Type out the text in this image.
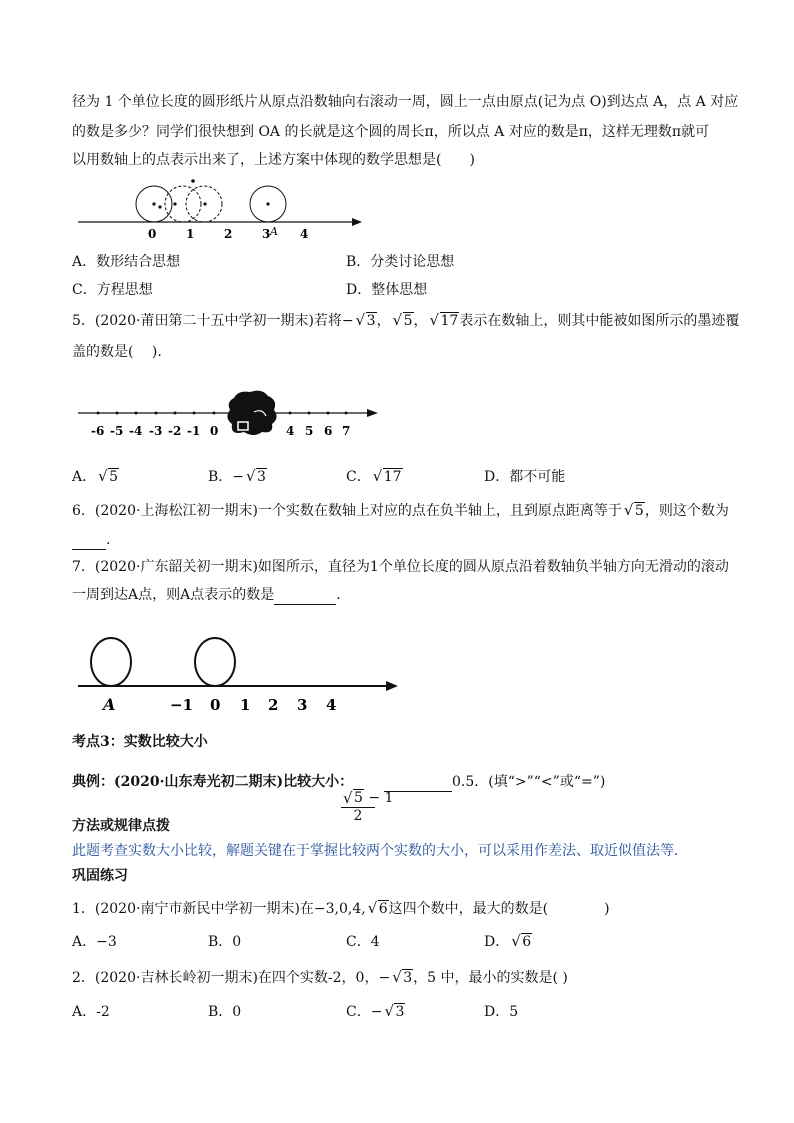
径为 1 个单位长度的圆形纸片从原点沿数轴向右滚动一周，圆上一点由原点(记为点 O)到达点 A，点 A 对应
的数是多少？同学们很快想到 OA 的长就是这个圆的周长π，所以点 A 对应的数是π，这样无理数π就可
以用数轴上的点表示出来了，上述方案中体现的数学思想是(　　)
0 1 2 3 A 4
A．数形结合思想	B．分类讨论思想
C．方程思想	D．整体思想
5．(2020·莆田第二十五中学初一期末)若将− √ 3， √ 5， √ 17表示在数轴上，则其中能被如图所示的墨迹覆
盖的数是(　 )．
-6 -5 -4 -3 -2 -1 0	4 5 6 7
A． √ 5	B．− √ 3	C． √ 17	D．都不可能
6．(2020·上海松江初一期末)一个实数在数轴上对应的点在负半轴上，且到原点距离等于 √ 5，则这个数为
.
7．(2020·广东韶关初一期末)如图所示，直径为1个单位长度的圆从原点沿着数轴负半轴方向无滑动的滚动
一周到达A点，则A点表示的数是	．
A	−1 0 1 2 3 4
考点3：实数比较大小
典例：(2020·山东寿光初二期末)比较大小：
√ $\frac{5 - 1}{2}$
0.5．(填“>”“<”或“=”)
方法或规律点拨
此题考查实数大小比较，解题关键在于掌握比较两个实数的大小，可以采用作差法、取近似值法等．
巩固练习
1．(2020·南宁市新民中学初一期末)在−3,0,4, √ 6这四个数中，最大的数是(　　　　)
A．−3	B．0	C．4	D． √ 6
2．(2020·吉林长岭初一期末)在四个实数-2，0，− √ 3，5 中，最小的实数是( )
A．-2	B．0	C．− √ 3	D．5
